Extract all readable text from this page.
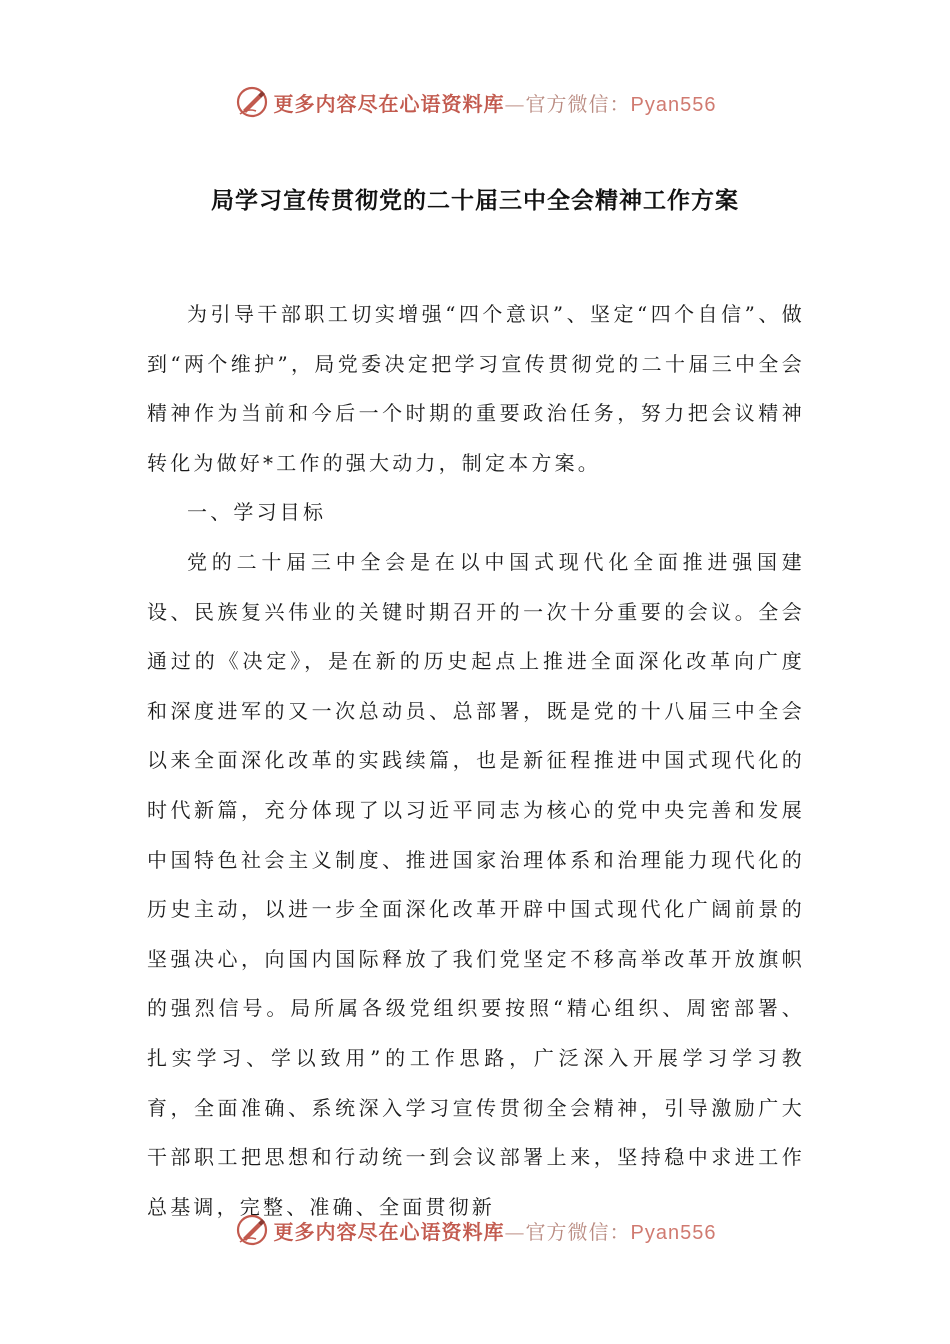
更多内容尽在心语资料库—官方微信：Pyan556
局学习宣传贯彻党的二十届三中全会精神工作方案

为引导干部职工切实增强“四个意识”、坚定“四个自信”、做到“两个维护”，局党委决定把学习宣传贯彻党的二十届三中全会精神作为当前和今后一个时期的重要政治任务，努力把会议精神转化为做好*工作的强大动力，制定本方案。

一、学习目标

党的二十届三中全会是在以中国式现代化全面推进强国建设、民族复兴伟业的关键时期召开的一次十分重要的会议。全会通过的《决定》，是在新的历史起点上推进全面深化改革向广度和深度进军的又一次总动员、总部署，既是党的十八届三中全会以来全面深化改革的实践续篇，也是新征程推进中国式现代化的时代新篇，充分体现了以习近平同志为核心的党中央完善和发展中国特色社会主义制度、推进国家治理体系和治理能力现代化的历史主动，以进一步全面深化改革开辟中国式现代化广阔前景的坚强决心，向国内国际释放了我们党坚定不移高举改革开放旗帜的强烈信号。局所属各级党组织要按照“精心组织、周密部署、扎实学习、学以致用”的工作思路，广泛深入开展学习学习教育，全面准确、系统深入学习宣传贯彻全会精神，引导激励广大干部职工把思想和行动统一到会议部署上来，坚持稳中求进工作总基调，完整、准确、全面贯彻新

更多内容尽在心语资料库—官方微信：Pyan556
